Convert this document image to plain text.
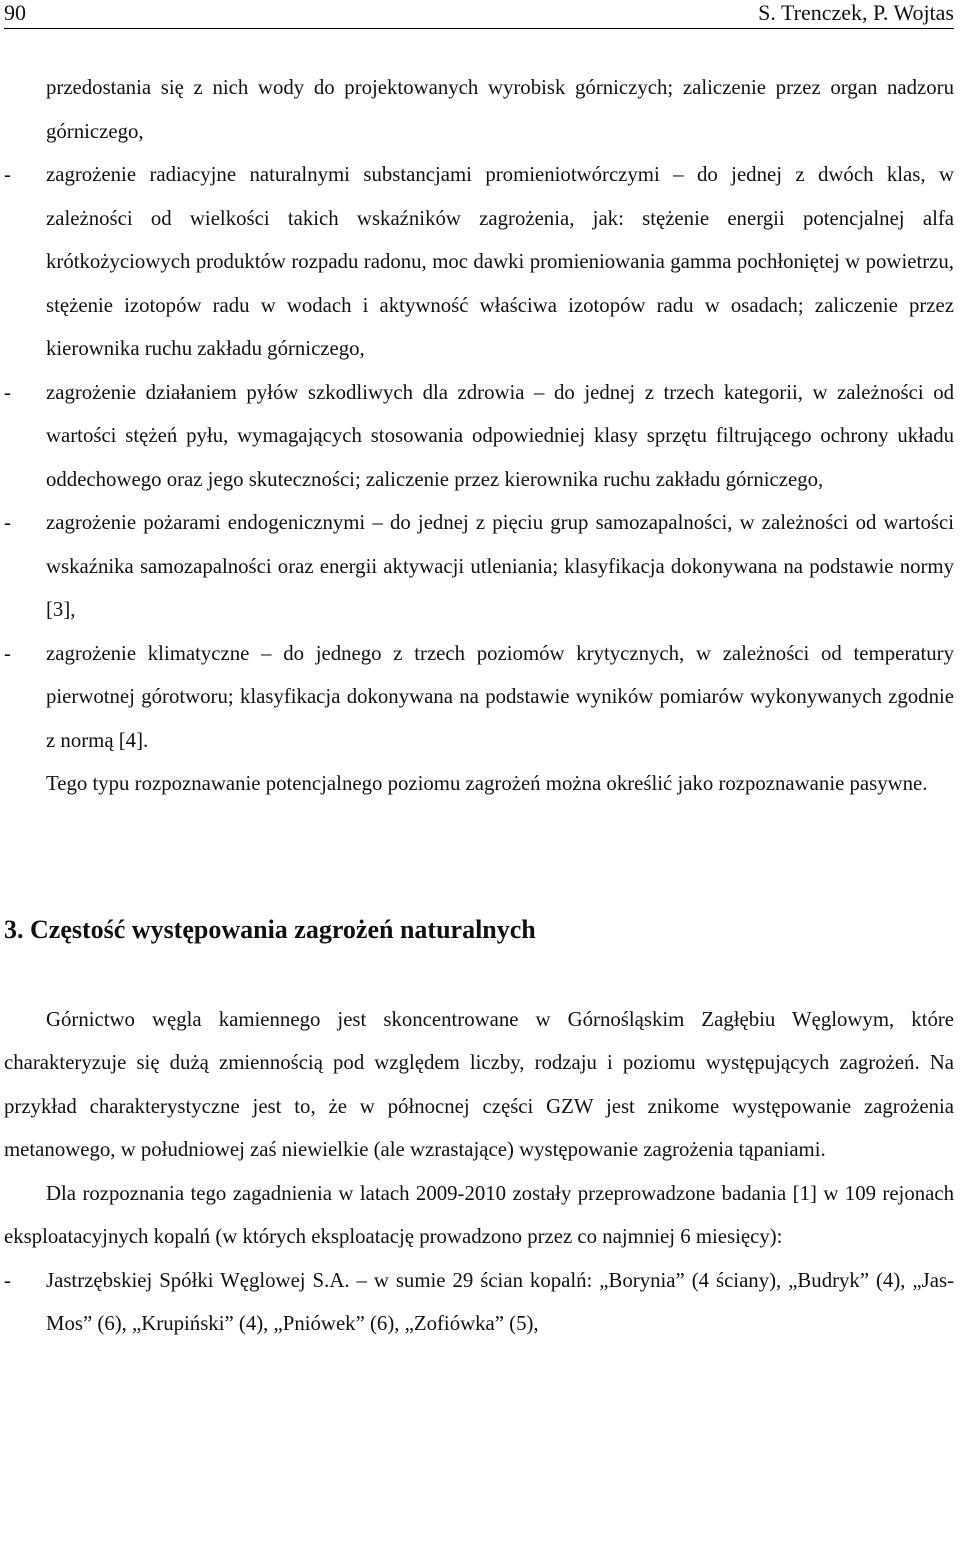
90	S. Trenczek, P. Wojtas

przedostania się z nich wody do projektowanych wyrobisk górniczych; zaliczenie przez organ nadzoru górniczego,

- zagrożenie radiacyjne naturalnymi substancjami promieniotwórczymi – do jednej z dwóch klas, w zależności od wielkości takich wskaźników zagrożenia, jak: stężenie energii potencjalnej alfa krótkożyciowych produktów rozpadu radonu, moc dawki promieniowania gamma pochłoniętej w powietrzu, stężenie izotopów radu w wodach i aktywność właściwa izotopów radu w osadach; zaliczenie przez kierownika ruchu zakładu górniczego,
- zagrożenie działaniem pyłów szkodliwych dla zdrowia – do jednej z trzech kategorii, w zależności od wartości stężeń pyłu, wymagających stosowania odpowiedniej klasy sprzętu filtrującego ochrony układu oddechowego oraz jego skuteczności; zaliczenie przez kierownika ruchu zakładu górniczego,
- zagrożenie pożarami endogenicznymi – do jednej z pięciu grup samozapalności, w zależności od wartości wskaźnika samozapalności oraz energii aktywacji utleniania; klasyfikacja dokonywana na podstawie normy [3],
- zagrożenie klimatyczne – do jednego z trzech poziomów krytycznych, w zależności od temperatury pierwotnej górotworu; klasyfikacja dokonywana na podstawie wyników pomiarów wykonywanych zgodnie z normą [4].

Tego typu rozpoznawanie potencjalnego poziomu zagrożeń można określić jako rozpoznawanie pasywne.

3. Częstość występowania zagrożeń naturalnych

Górnictwo węgla kamiennego jest skoncentrowane w Górnośląskim Zagłębiu Węglowym, które charakteryzuje się dużą zmiennością pod względem liczby, rodzaju i poziomu występujących zagrożeń. Na przykład charakterystyczne jest to, że w północnej części GZW jest znikome występowanie zagrożenia metanowego, w południowej zaś niewielkie (ale wzrastające) występowanie zagrożenia tąpaniami.

Dla rozpoznania tego zagadnienia w latach 2009-2010 zostały przeprowadzone badania [1] w 109 rejonach eksploatacyjnych kopalń (w których eksploatację prowadzono przez co najmniej 6 miesięcy):

- Jastrzębskiej Spółki Węglowej S.A. – w sumie 29 ścian kopalń: „Borynia” (4 ściany), „Budryk” (4), „Jas-Mos” (6), „Krupiński” (4), „Pniówek” (6), „Zofiówka” (5),
